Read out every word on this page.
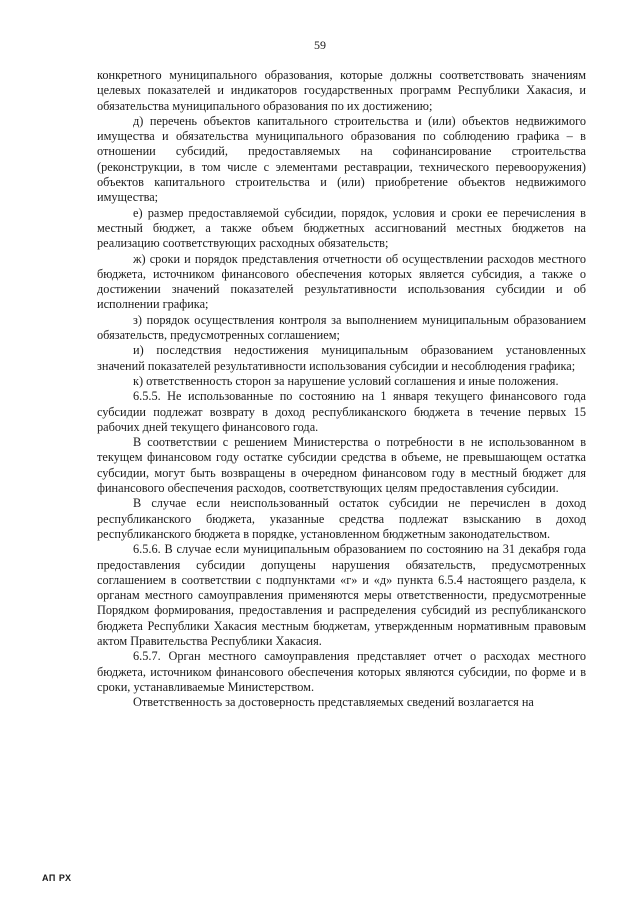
59

конкретного муниципального образования, которые должны соответствовать значениям целевых показателей и индикаторов государственных программ Республики Хакасия, и обязательства муниципального образования по их достижению;

д) перечень объектов капитального строительства и (или) объектов недвижимого имущества и обязательства муниципального образования по соблюдению графика – в отношении субсидий, предоставляемых на софинансирование строительства (реконструкции, в том числе с элементами реставрации, технического перевооружения) объектов капитального строительства и (или) приобретение объектов недвижимого имущества;

е) размер предоставляемой субсидии, порядок, условия и сроки ее перечисления в местный бюджет, а также объем бюджетных ассигнований местных бюджетов на реализацию соответствующих расходных обязательств;

ж) сроки и порядок представления отчетности об осуществлении расходов местного бюджета, источником финансового обеспечения которых является субсидия, а также о достижении значений показателей результативности использования субсидии и об исполнении графика;

з) порядок осуществления контроля за выполнением муниципальным образованием обязательств, предусмотренных соглашением;

и) последствия недостижения муниципальным образованием установленных значений показателей результативности использования субсидии и несоблюдения графика;

к) ответственность сторон за нарушение условий соглашения и иные положения.

6.5.5. Не использованные по состоянию на 1 января текущего финансового года субсидии подлежат возврату в доход республиканского бюджета в течение первых 15 рабочих дней текущего финансового года.

В соответствии с решением Министерства о потребности в не использованном в текущем финансовом году остатке субсидии средства в объеме, не превышающем остатка субсидии, могут быть возвращены в очередном финансовом году в местный бюджет для финансового обеспечения расходов, соответствующих целям предоставления субсидии.

В случае если неиспользованный остаток субсидии не перечислен в доход республиканского бюджета, указанные средства подлежат взысканию в доход республиканского бюджета в порядке, установленном бюджетным законодательством.

6.5.6. В случае если муниципальным образованием по состоянию на 31 декабря года предоставления субсидии допущены нарушения обязательств, предусмотренных соглашением в соответствии с подпунктами «г» и «д» пункта 6.5.4 настоящего раздела, к органам местного самоуправления применяются меры ответственности, предусмотренные Порядком формирования, предоставления и распределения субсидий из республиканского бюджета Республики Хакасия местным бюджетам, утвержденным нормативным правовым актом Правительства Республики Хакасия.

6.5.7. Орган местного самоуправления представляет отчет о расходах местного бюджета, источником финансового обеспечения которых являются субсидии, по форме и в сроки, устанавливаемые Министерством.

Ответственность за достоверность представляемых сведений возлагается на

АП РХ
